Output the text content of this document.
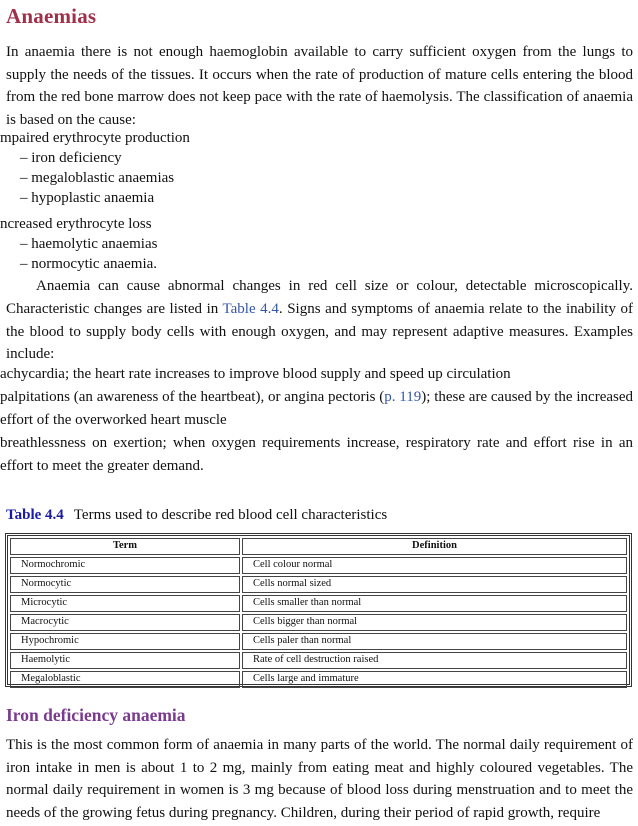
Anaemias

In anaemia there is not enough haemoglobin available to carry sufficient oxygen from the lungs to supply the needs of the tissues. It occurs when the rate of production of mature cells entering the blood from the red bone marrow does not keep pace with the rate of haemolysis. The classification of anaemia is based on the cause:

mpaired erythrocyte production

– iron deficiency

– megaloblastic anaemias

– hypoplastic anaemia

ncreased erythrocyte loss

– haemolytic anaemias

– normocytic anaemia.

Anaemia can cause abnormal changes in red cell size or colour, detectable microscopically. Characteristic changes are listed in Table 4.4. Signs and symptoms of anaemia relate to the inability of the blood to supply body cells with enough oxygen, and may represent adaptive measures. Examples include:

achycardia; the heart rate increases to improve blood supply and speed up circulation

palpitations (an awareness of the heartbeat), or angina pectoris (p. 119); these are caused by the increased effort of the overworked heart muscle

breathlessness on exertion; when oxygen requirements increase, respiratory rate and effort rise in an effort to meet the greater demand.

Table 4.4 Terms used to describe red blood cell characteristics

Term	Definition
Normochromic	Cell colour normal
Normocytic	Cells normal sized
Microcytic	Cells smaller than normal
Macrocytic	Cells bigger than normal
Hypochromic	Cells paler than normal
Haemolytic	Rate of cell destruction raised
Megaloblastic	Cells large and immature
Iron deficiency anaemia

This is the most common form of anaemia in many parts of the world. The normal daily requirement of iron intake in men is about 1 to 2 mg, mainly from eating meat and highly coloured vegetables. The normal daily requirement in women is 3 mg because of blood loss during menstruation and to meet the needs of the growing fetus during pregnancy. Children, during their period of rapid growth, require
